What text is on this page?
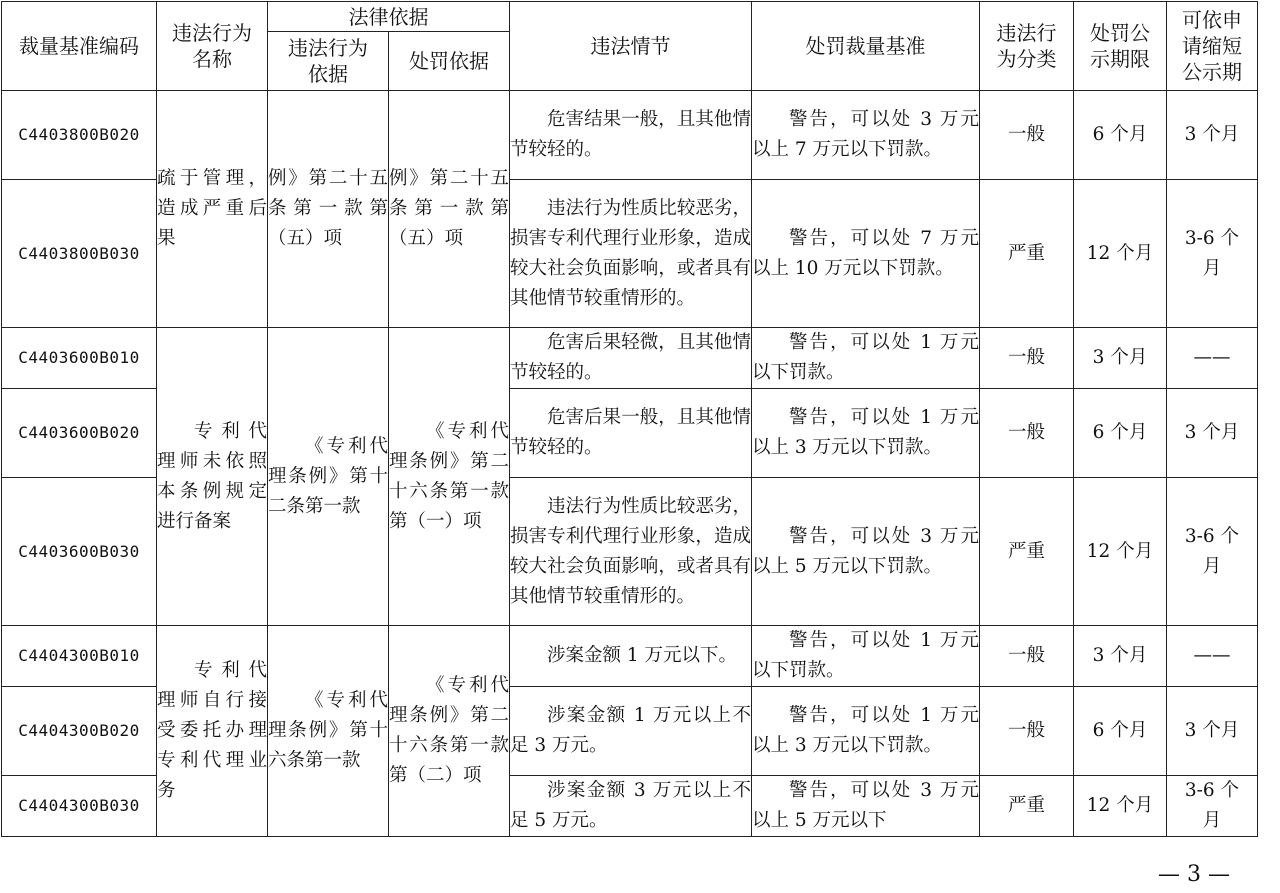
裁量基准编码	违法行为名称	法律依据		违法情节	处罚裁量基准	违法行为分类	处罚公示期限	可依申请缩短公示期
		违法行为依据	处罚依据					
C4403800B020	疏于管理，造成严重后果	例》第二十五条第一款第（五）项	例》第二十五条第一款第（五）项	危害结果一般，且其他情节较轻的。	警告，可以处 3 万元以上 7 万元以下罚款。	一般	6 个月	3 个月
C4403800B030				违法行为性质比较恶劣，损害专利代理行业形象，造成较大社会负面影响，或者具有其他情节较重情形的。	警告，可以处 7 万元以上 10 万元以下罚款。	严重	12 个月	3-6 个月
C4403600B010	专利代理师未依照本条例规定进行备案	《专利代理条例》第十二条第一款	《专利代理条例》第二十六条第一款第（一）项	危害后果轻微，且其他情节较轻的。	警告，可以处 1 万元以下罚款。	一般	3 个月	——
C4403600B020				危害后果一般，且其他情节较轻的。	警告，可以处 1 万元以上 3 万元以下罚款。	一般	6 个月	3 个月
C4403600B030				违法行为性质比较恶劣，损害专利代理行业形象，造成较大社会负面影响，或者具有其他情节较重情形的。	警告，可以处 3 万元以上 5 万元以下罚款。	严重	12 个月	3-6 个月
C4404300B010	专利代理师自行接受委托办理专利代理业务	《专利代理条例》第十六条第一款	《专利代理条例》第二十六条第一款第（二）项	涉案金额 1 万元以下。	警告，可以处 1 万元以下罚款。	一般	3 个月	——
C4404300B020				涉案金额 1 万元以上不足 3 万元。	警告，可以处 1 万元以上 3 万元以下罚款。	一般	6 个月	3 个月
C4404300B030				涉案金额 3 万元以上不足 5 万元。	警告，可以处 3 万元以上 5 万元以下	严重	12 个月	3-6 个月
— 3 —
